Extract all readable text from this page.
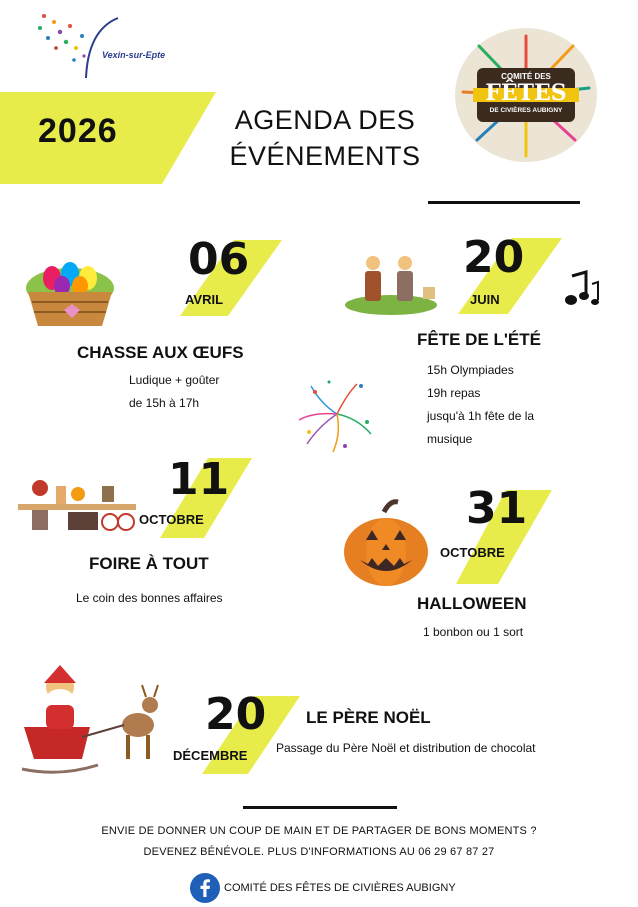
Vexin-sur-Epte
2026	AGENDA DES
ÉVÉNEMENTS
COMITÉ DES
FÊTES
DE CIVIÈRES AUBIGNY
06
AVRIL
CHASSE AUX ŒUFS
Ludique + goûter
de 15h à 17h
20
JUIN
FÊTE DE L'ÉTÉ
15h Olympiades
19h repas
jusqu'à 1h fête de la
musique
11
OCTOBRE
FOIRE À TOUT
Le coin des bonnes affaires
31
OCTOBRE
HALLOWEEN
1 bonbon ou 1 sort
20
DÉCEMBRE
LE PÈRE NOËL
Passage du Père Noël et distribution de chocolat
ENVIE DE DONNER UN COUP DE MAIN ET DE PARTAGER DE BONS MOMENTS ?
DEVENEZ BÉNÉVOLE. PLUS D'INFORMATIONS AU 06 29 67 87 27
COMITÉ DES FÊTES DE CIVIÈRES AUBIGNY
